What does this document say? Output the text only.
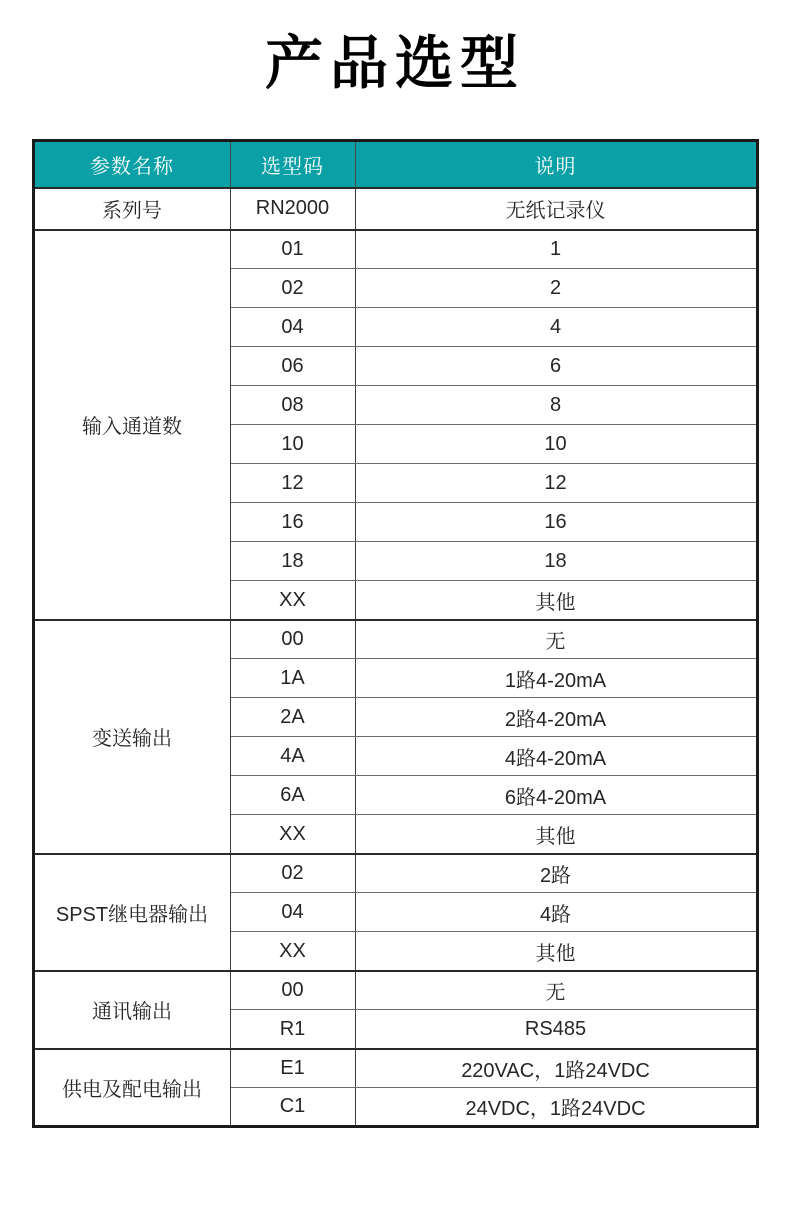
产品选型
参数名称	选型码	说明
系列号	RN2000	无纸记录仪
输入通道数	01	1
	02	2
	04	4
	06	6
	08	8
	10	10
	12	12
	16	16
	18	18
	XX	其他
变送输出	00	无
	1A	1路4-20mA
	2A	2路4-20mA
	4A	4路4-20mA
	6A	6路4-20mA
	XX	其他
SPST继电器输出	02	2路
	04	4路
	XX	其他
通讯输出	00	无
	R1	RS485
供电及配电输出	E1	220VAC，1路24VDC
	C1	24VDC，1路24VDC
